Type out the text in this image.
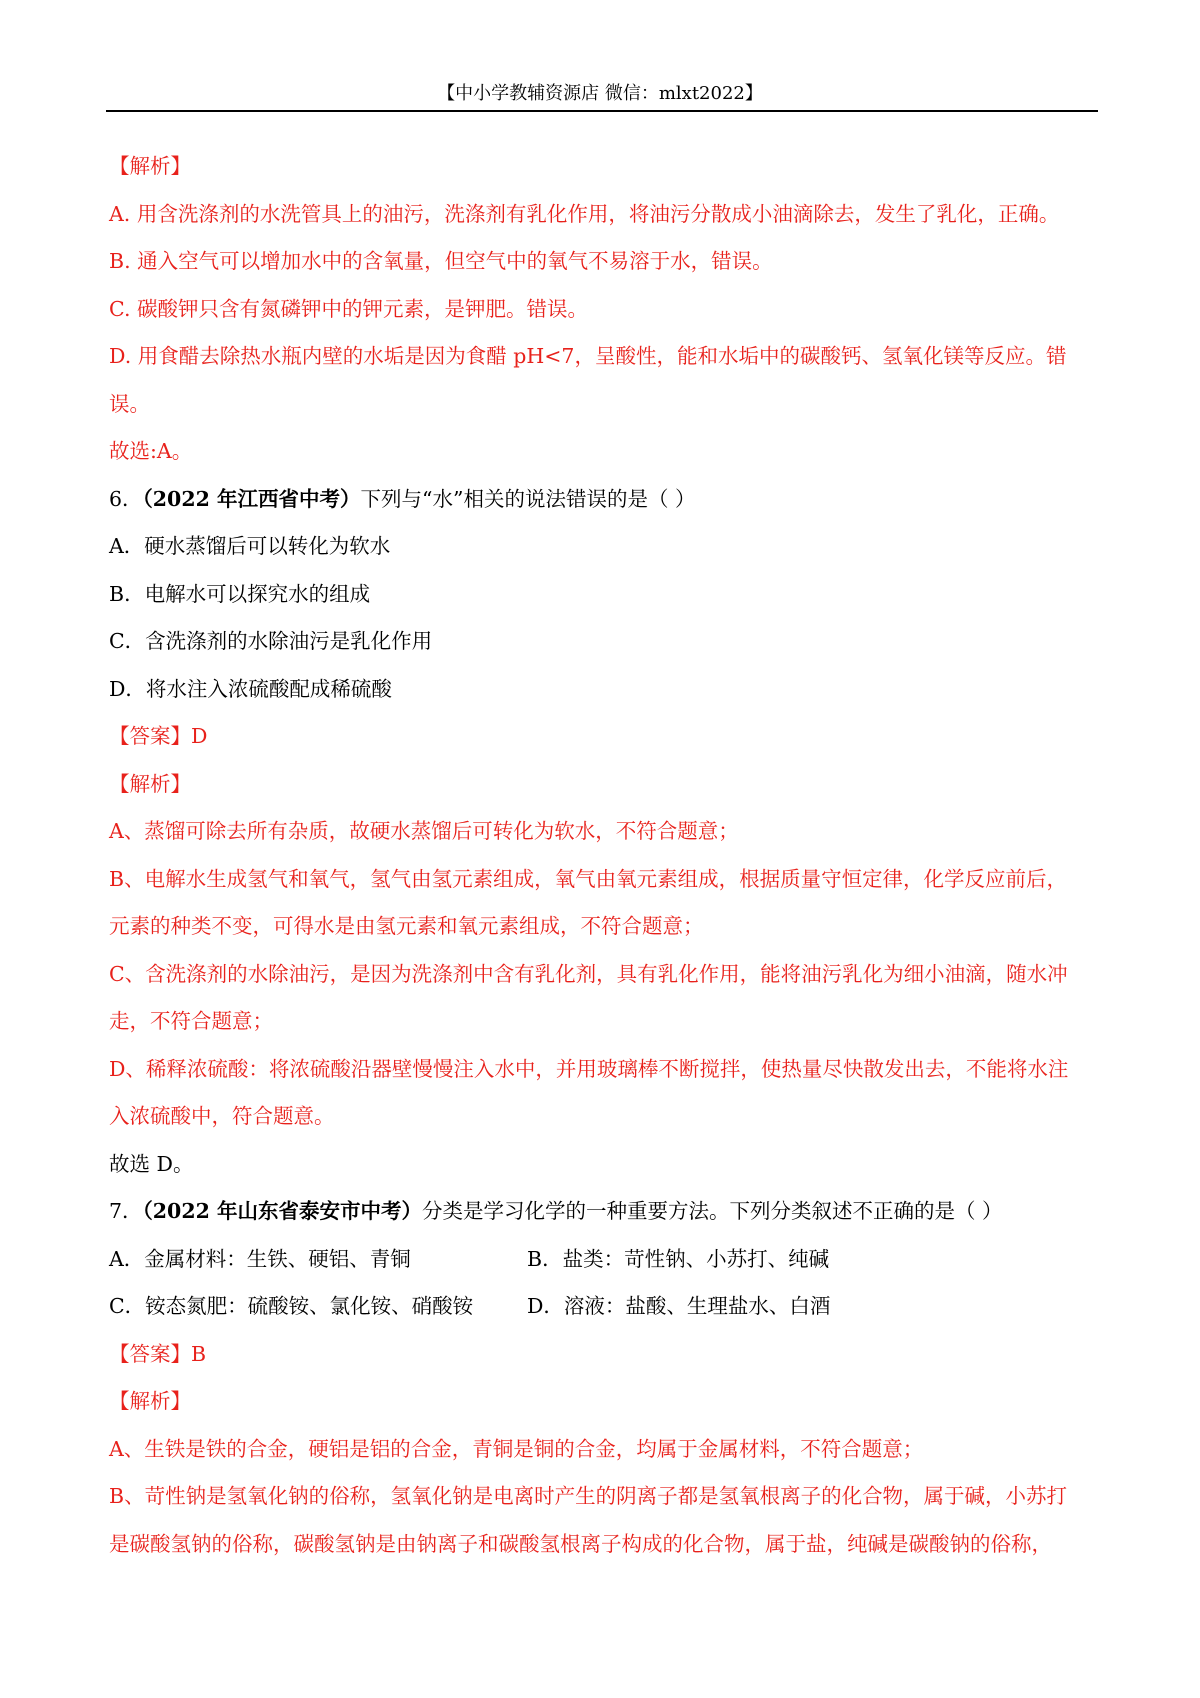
【中小学教辅资源店 微信：mlxt2022】
【解析】
A. 用含洗涤剂的水洗管具上的油污，洗涤剂有乳化作用，将油污分散成小油滴除去，发生了乳化，正确。
B. 通入空气可以增加水中的含氧量，但空气中的氧气不易溶于水，错误。
C. 碳酸钾只含有氮磷钾中的钾元素，是钾肥。错误。
D. 用食醋去除热水瓶内壁的水垢是因为食醋 pH<7，呈酸性，能和水垢中的碳酸钙、氢氧化镁等反应。错
误。
故选:A。
6．（2022 年江西省中考）下列与“水”相关的说法错误的是（ ）
A．硬水蒸馏后可以转化为软水
B．电解水可以探究水的组成
C．含洗涤剂的水除油污是乳化作用
D．将水注入浓硫酸配成稀硫酸
【答案】D
【解析】
A、蒸馏可除去所有杂质，故硬水蒸馏后可转化为软水，不符合题意；
B、电解水生成氢气和氧气，氢气由氢元素组成，氧气由氧元素组成，根据质量守恒定律，化学反应前后，
元素的种类不变，可得水是由氢元素和氧元素组成，不符合题意；
C、含洗涤剂的水除油污，是因为洗涤剂中含有乳化剂，具有乳化作用，能将油污乳化为细小油滴，随水冲
走，不符合题意；
D、稀释浓硫酸：将浓硫酸沿器壁慢慢注入水中，并用玻璃棒不断搅拌，使热量尽快散发出去，不能将水注
入浓硫酸中，符合题意。
故选 D。
7．（2022 年山东省泰安市中考）分类是学习化学的一种重要方法。下列分类叙述不正确的是（ ）
A．金属材料：生铁、硬铝、青铜	B．盐类：苛性钠、小苏打、纯碱
C．铵态氮肥：硫酸铵、氯化铵、硝酸铵	D．溶液：盐酸、生理盐水、白酒
【答案】B
【解析】
A、生铁是铁的合金，硬铝是铝的合金，青铜是铜的合金，均属于金属材料，不符合题意；
B、苛性钠是氢氧化钠的俗称，氢氧化钠是电离时产生的阴离子都是氢氧根离子的化合物，属于碱，小苏打
是碳酸氢钠的俗称，碳酸氢钠是由钠离子和碳酸氢根离子构成的化合物，属于盐，纯碱是碳酸钠的俗称，
